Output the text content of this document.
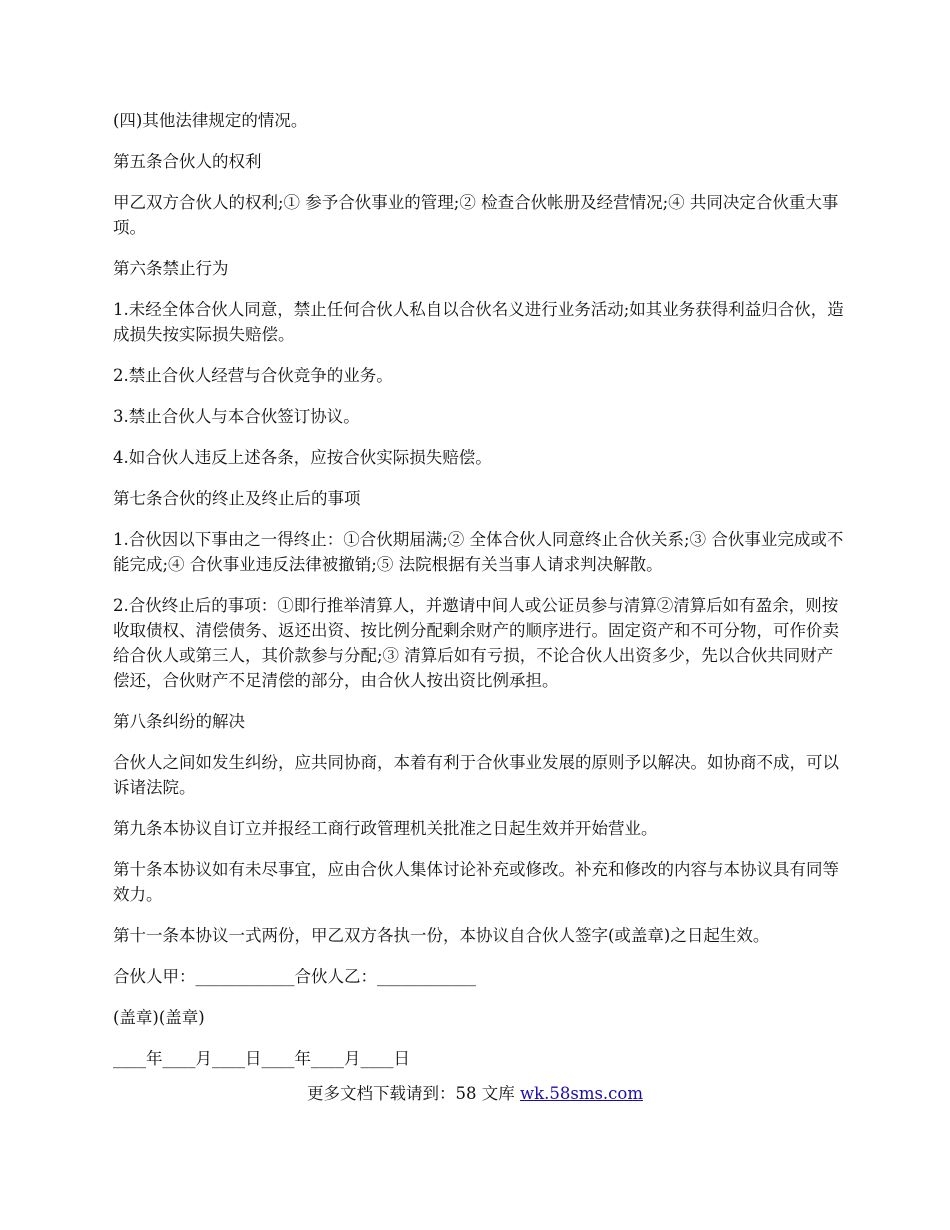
(四)其他法律规定的情况。

第五条合伙人的权利

甲乙双方合伙人的权利;① 参予合伙事业的管理;② 检查合伙帐册及经营情况;④ 共同决定合伙重大事项。

第六条禁止行为

1.未经全体合伙人同意，禁止任何合伙人私自以合伙名义进行业务活动;如其业务获得利益归合伙，造成损失按实际损失赔偿。

2.禁止合伙人经营与合伙竞争的业务。

3.禁止合伙人与本合伙签订协议。

4.如合伙人违反上述各条，应按合伙实际损失赔偿。

第七条合伙的终止及终止后的事项

1.合伙因以下事由之一得终止：①合伙期届满;② 全体合伙人同意终止合伙关系;③ 合伙事业完成或不能完成;④ 合伙事业违反法律被撤销;⑤ 法院根据有关当事人请求判决解散。

2.合伙终止后的事项：①即行推举清算人，并邀请中间人或公证员参与清算②清算后如有盈余，则按收取债权、清偿债务、返还出资、按比例分配剩余财产的顺序进行。固定资产和不可分物，可作价卖给合伙人或第三人，其价款参与分配;③ 清算后如有亏损，不论合伙人出资多少，先以合伙共同财产偿还，合伙财产不足清偿的部分，由合伙人按出资比例承担。

第八条纠纷的解决

合伙人之间如发生纠纷，应共同协商，本着有利于合伙事业发展的原则予以解决。如协商不成，可以诉诸法院。

第九条本协议自订立并报经工商行政管理机关批准之日起生效并开始营业。

第十条本协议如有未尽事宜，应由合伙人集体讨论补充或修改。补充和修改的内容与本协议具有同等效力。

第十一条本协议一式两份，甲乙双方各执一份，本协议自合伙人签字(或盖章)之日起生效。

合伙人甲：____________合伙人乙：____________

(盖章)(盖章)

____年____月____日____年____月____日

更多文档下载请到：58 文库 wk.58sms.com
